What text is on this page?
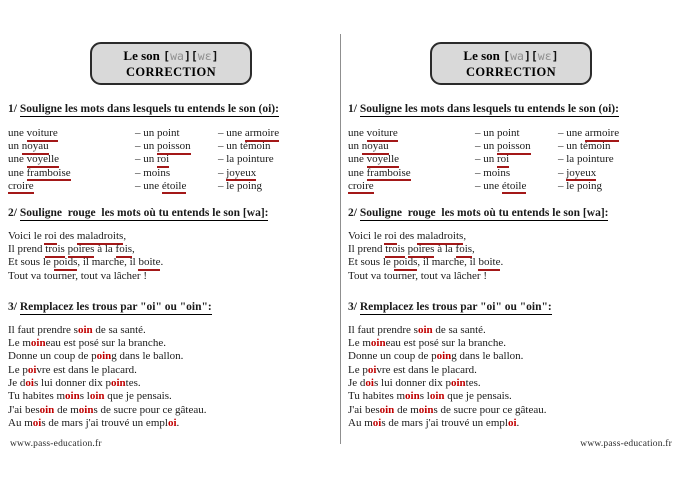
Le son [wa][wɛ]
CORRECTION
1/ Souligne les mots dans lesquels tu entends le son (oi):
une voiture	– un point	– une armoire
un noyau	– un poisson	– un témoin
une voyelle	– un roi	– la pointure
une framboise	– moins	– joyeux
croire	– une étoile	– le poing
2/ Souligne  rouge  les mots où tu entends le son [wa]:
Voici le roi des maladroits,
Il prend trois poires à la fois,
Et sous le poids, il marche, il boite.
Tout va tourner, tout va lâcher !
3/ Remplacez les trous par "oi" ou "oin":
Il faut prendre soin de sa santé.
Le moineau est posé sur la branche.
Donne un coup de poing dans le ballon.
Le poivre est dans le placard.
Je dois lui donner dix pointes.
Tu habites moins loin que je pensais.
J'ai besoin de moins de sucre pour ce gâteau.
Au mois de mars j'ai trouvé un emploi.
www.pass-education.fr
Le son [wa][wɛ]
CORRECTION
1/ Souligne les mots dans lesquels tu entends le son (oi):
une voiture	– un point	– une armoire
un noyau	– un poisson	– un témoin
une voyelle	– un roi	– la pointure
une framboise	– moins	– joyeux
croire	– une étoile	– le poing
2/ Souligne  rouge  les mots où tu entends le son [wa]:
Voici le roi des maladroits,
Il prend trois poires à la fois,
Et sous le poids, il marche, il boite.
Tout va tourner, tout va lâcher !
3/ Remplacez les trous par "oi" ou "oin":
Il faut prendre soin de sa santé.
Le moineau est posé sur la branche.
Donne un coup de poing dans le ballon.
Le poivre est dans le placard.
Je dois lui donner dix pointes.
Tu habites moins loin que je pensais.
J'ai besoin de moins de sucre pour ce gâteau.
Au mois de mars j'ai trouvé un emploi.
www.pass-education.fr
